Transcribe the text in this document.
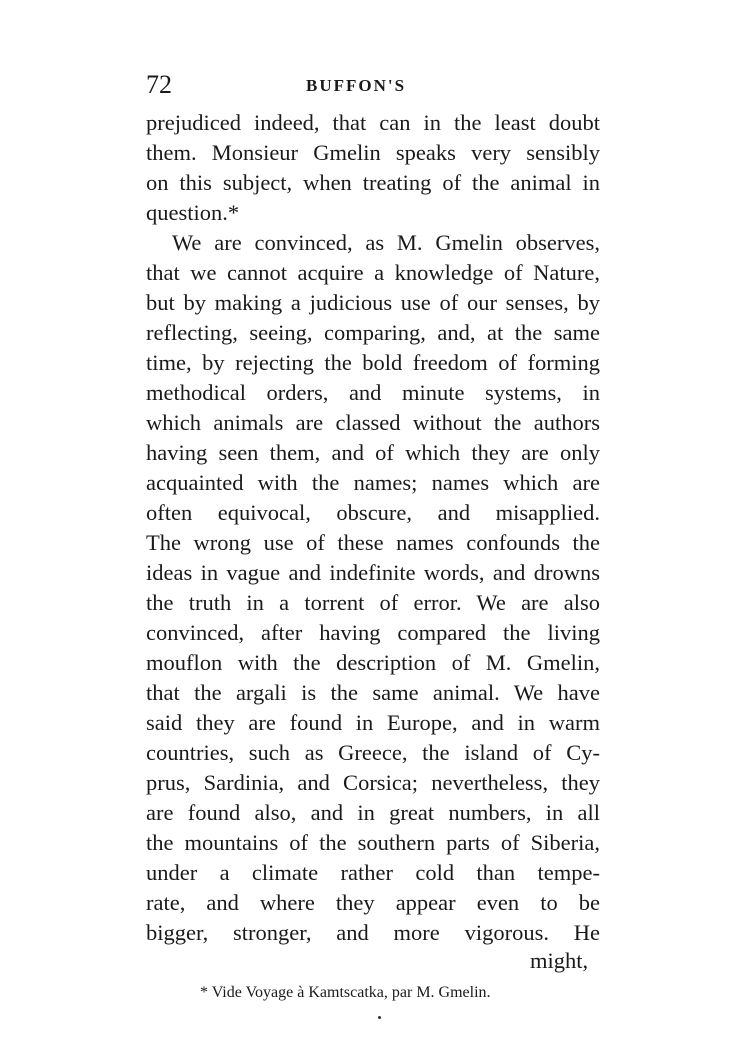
72	BUFFON'S
prejudiced indeed, that can in the least doubt
them. Monsieur Gmelin speaks very sensibly
on this subject, when treating of the animal in
question.*
We are convinced, as M. Gmelin observes,
that we cannot acquire a knowledge of Nature,
but by making a judicious use of our senses, by
reflecting, seeing, comparing, and, at the same
time, by rejecting the bold freedom of forming
methodical orders, and minute systems, in
which animals are classed without the authors
having seen them, and of which they are only
acquainted with the names; names which are
often equivocal, obscure, and misapplied.
The wrong use of these names confounds the
ideas in vague and indefinite words, and drowns
the truth in a torrent of error. We are also
convinced, after having compared the living
mouflon with the description of M. Gmelin,
that the argali is the same animal. We have
said they are found in Europe, and in warm
countries, such as Greece, the island of Cy-
prus, Sardinia, and Corsica; nevertheless, they
are found also, and in great numbers, in all
the mountains of the southern parts of Siberia,
under a climate rather cold than tempe-
rate, and where they appear even to be
bigger, stronger, and more vigorous. He
might,
* Vide Voyage à Kamtscatka, par M. Gmelin.
